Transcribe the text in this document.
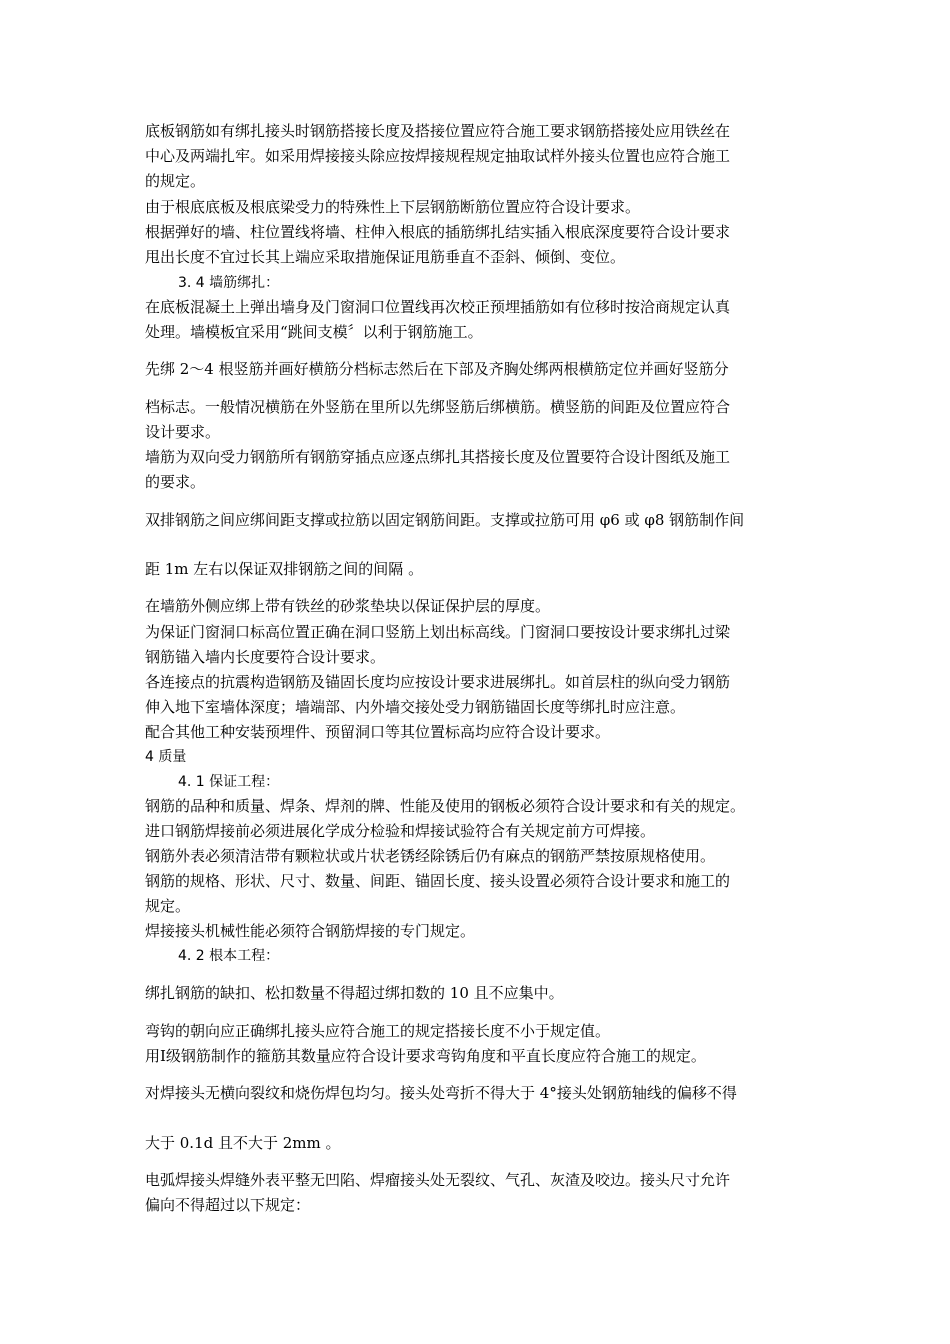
底板钢筋如有绑扎接头时钢筋搭接长度及搭接位置应符合施工要求钢筋搭接处应用铁丝在
中心及两端扎牢。如采用焊接接头除应按焊接规程规定抽取试样外接头位置也应符合施工
的规定。
由于根底底板及根底梁受力的特殊性上下层钢筋断筋位置应符合设计要求。
根据弹好的墙、柱位置线将墙、柱伸入根底的插筋绑扎结实插入根底深度要符合设计要求
甩出长度不宜过长其上端应采取措施保证甩筋垂直不歪斜、倾倒、变位。
3. 4 墙筋绑扎：
在底板混凝土上弹出墙身及门窗洞口位置线再次校正预埋插筋如有位移时按洽商规定认真
处理。墙模板宜采用“跳间支模〞以利于钢筋施工。
先绑 2～4 根竖筋并画好横筋分档标志然后在下部及齐胸处绑两根横筋定位并画好竖筋分
档标志。一般情况横筋在外竖筋在里所以先绑竖筋后绑横筋。横竖筋的间距及位置应符合
设计要求。
墙筋为双向受力钢筋所有钢筋穿插点应逐点绑扎其搭接长度及位置要符合设计图纸及施工
的要求。
双排钢筋之间应绑间距支撑或拉筋以固定钢筋间距。支撑或拉筋可用 φ6 或 φ8 钢筋制作间
距 1m 左右以保证双排钢筋之间的间隔 。
在墙筋外侧应绑上带有铁丝的砂浆垫块以保证保护层的厚度。
为保证门窗洞口标高位置正确在洞口竖筋上划出标高线。门窗洞口要按设计要求绑扎过梁
钢筋锚入墙内长度要符合设计要求。
各连接点的抗震构造钢筋及锚固长度均应按设计要求进展绑扎。如首层柱的纵向受力钢筋
伸入地下室墙体深度；墙端部、内外墙交接处受力钢筋锚固长度等绑扎时应注意。
配合其他工种安装预埋件、预留洞口等其位置标高均应符合设计要求。
4 质量
4. 1 保证工程：
钢筋的品种和质量、焊条、焊剂的牌、性能及使用的钢板必须符合设计要求和有关的规定。
进口钢筋焊接前必须进展化学成分检验和焊接试验符合有关规定前方可焊接。
钢筋外表必须清洁带有颗粒状或片状老锈经除锈后仍有麻点的钢筋严禁按原规格使用。
钢筋的规格、形状、尺寸、数量、间距、锚固长度、接头设置必须符合设计要求和施工的
规定。
焊接接头机械性能必须符合钢筋焊接的专门规定。
4. 2 根本工程：
绑扎钢筋的缺扣、松扣数量不得超过绑扣数的 10 且不应集中。
弯钩的朝向应正确绑扎接头应符合施工的规定搭接长度不小于规定值。
用Ⅰ级钢筋制作的箍筋其数量应符合设计要求弯钩角度和平直长度应符合施工的规定。
对焊接头无横向裂纹和烧伤焊包均匀。接头处弯折不得大于 4°接头处钢筋轴线的偏移不得
大于 0.1d 且不大于 2mm 。
电弧焊接头焊缝外表平整无凹陷、焊瘤接头处无裂纹、气孔、灰渣及咬边。接头尺寸允许
偏向不得超过以下规定：
